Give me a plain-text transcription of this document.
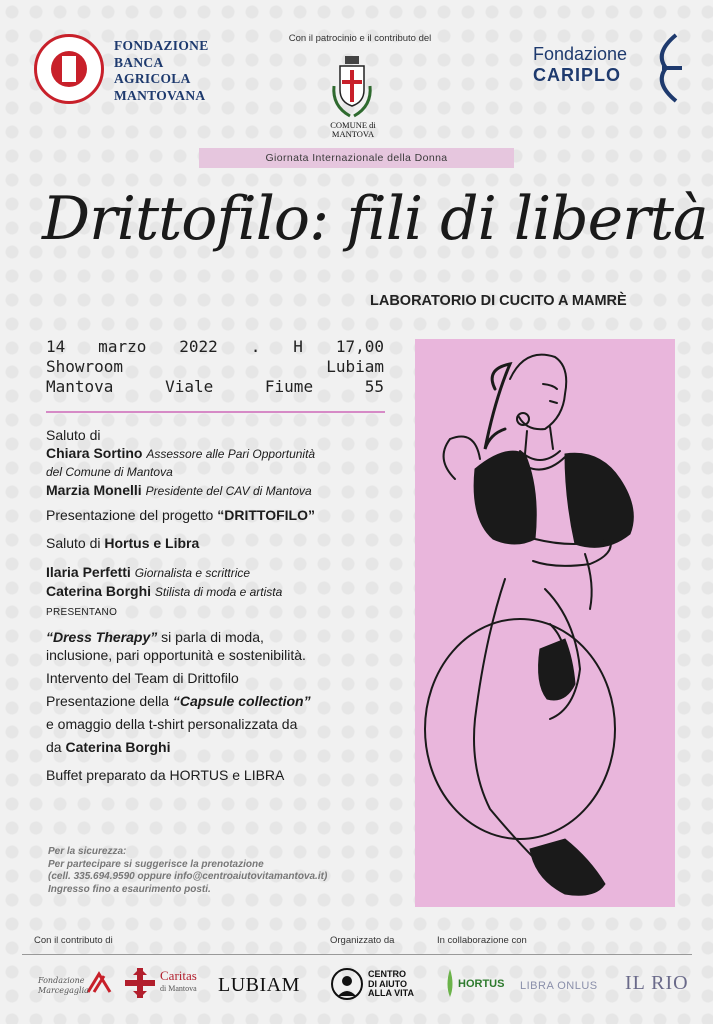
FONDAZIONE
BANCA
AGRICOLA
MANTOVANA
Con il patrocinio e il contributo del
COMUNE di
MANTOVA
Fondazione
CARIPLO
Giornata Internazionale della Donna
Drittofilo: fili di libertà
LABORATORIO DI CUCITO A MAMRÈ
14 marzo 2022 . H 17,00
Showroom Lubiam
Mantova Viale Fiume 55

Saluto di

Chiara Sortino Assessore alle Pari Opportunità

del Comune di Mantova

Marzia Monelli Presidente del CAV di Mantova

Presentazione del progetto “DRITTOFILO”

Saluto di Hortus e Libra

Ilaria Perfetti Giornalista e scrittrice

Caterina Borghi Stilista di moda e artista

PRESENTANO

“Dress Therapy” si parla di moda,

inclusione, pari opportunità e sostenibilità.

Intervento del Team di Drittofilo

Presentazione della “Capsule collection”

e omaggio della t-shirt personalizzata da

da Caterina Borghi

Buffet preparato da HORTUS e LIBRA

Per la sicurezza:
Per partecipare si suggerisce la prenotazione
(cell. 335.694.9590 oppure info@centroaiutovitamantova.it)
Ingresso fino a esaurimento posti.
Con il contributo di	Organizzato da	In collaborazione con
Fondazione Marcegaglia
Caritas
di Mantova LUBIAM	CENTRO
DI AIUTO
ALLA VITA
HORTUS LIBRA ONLUS IL RIO
